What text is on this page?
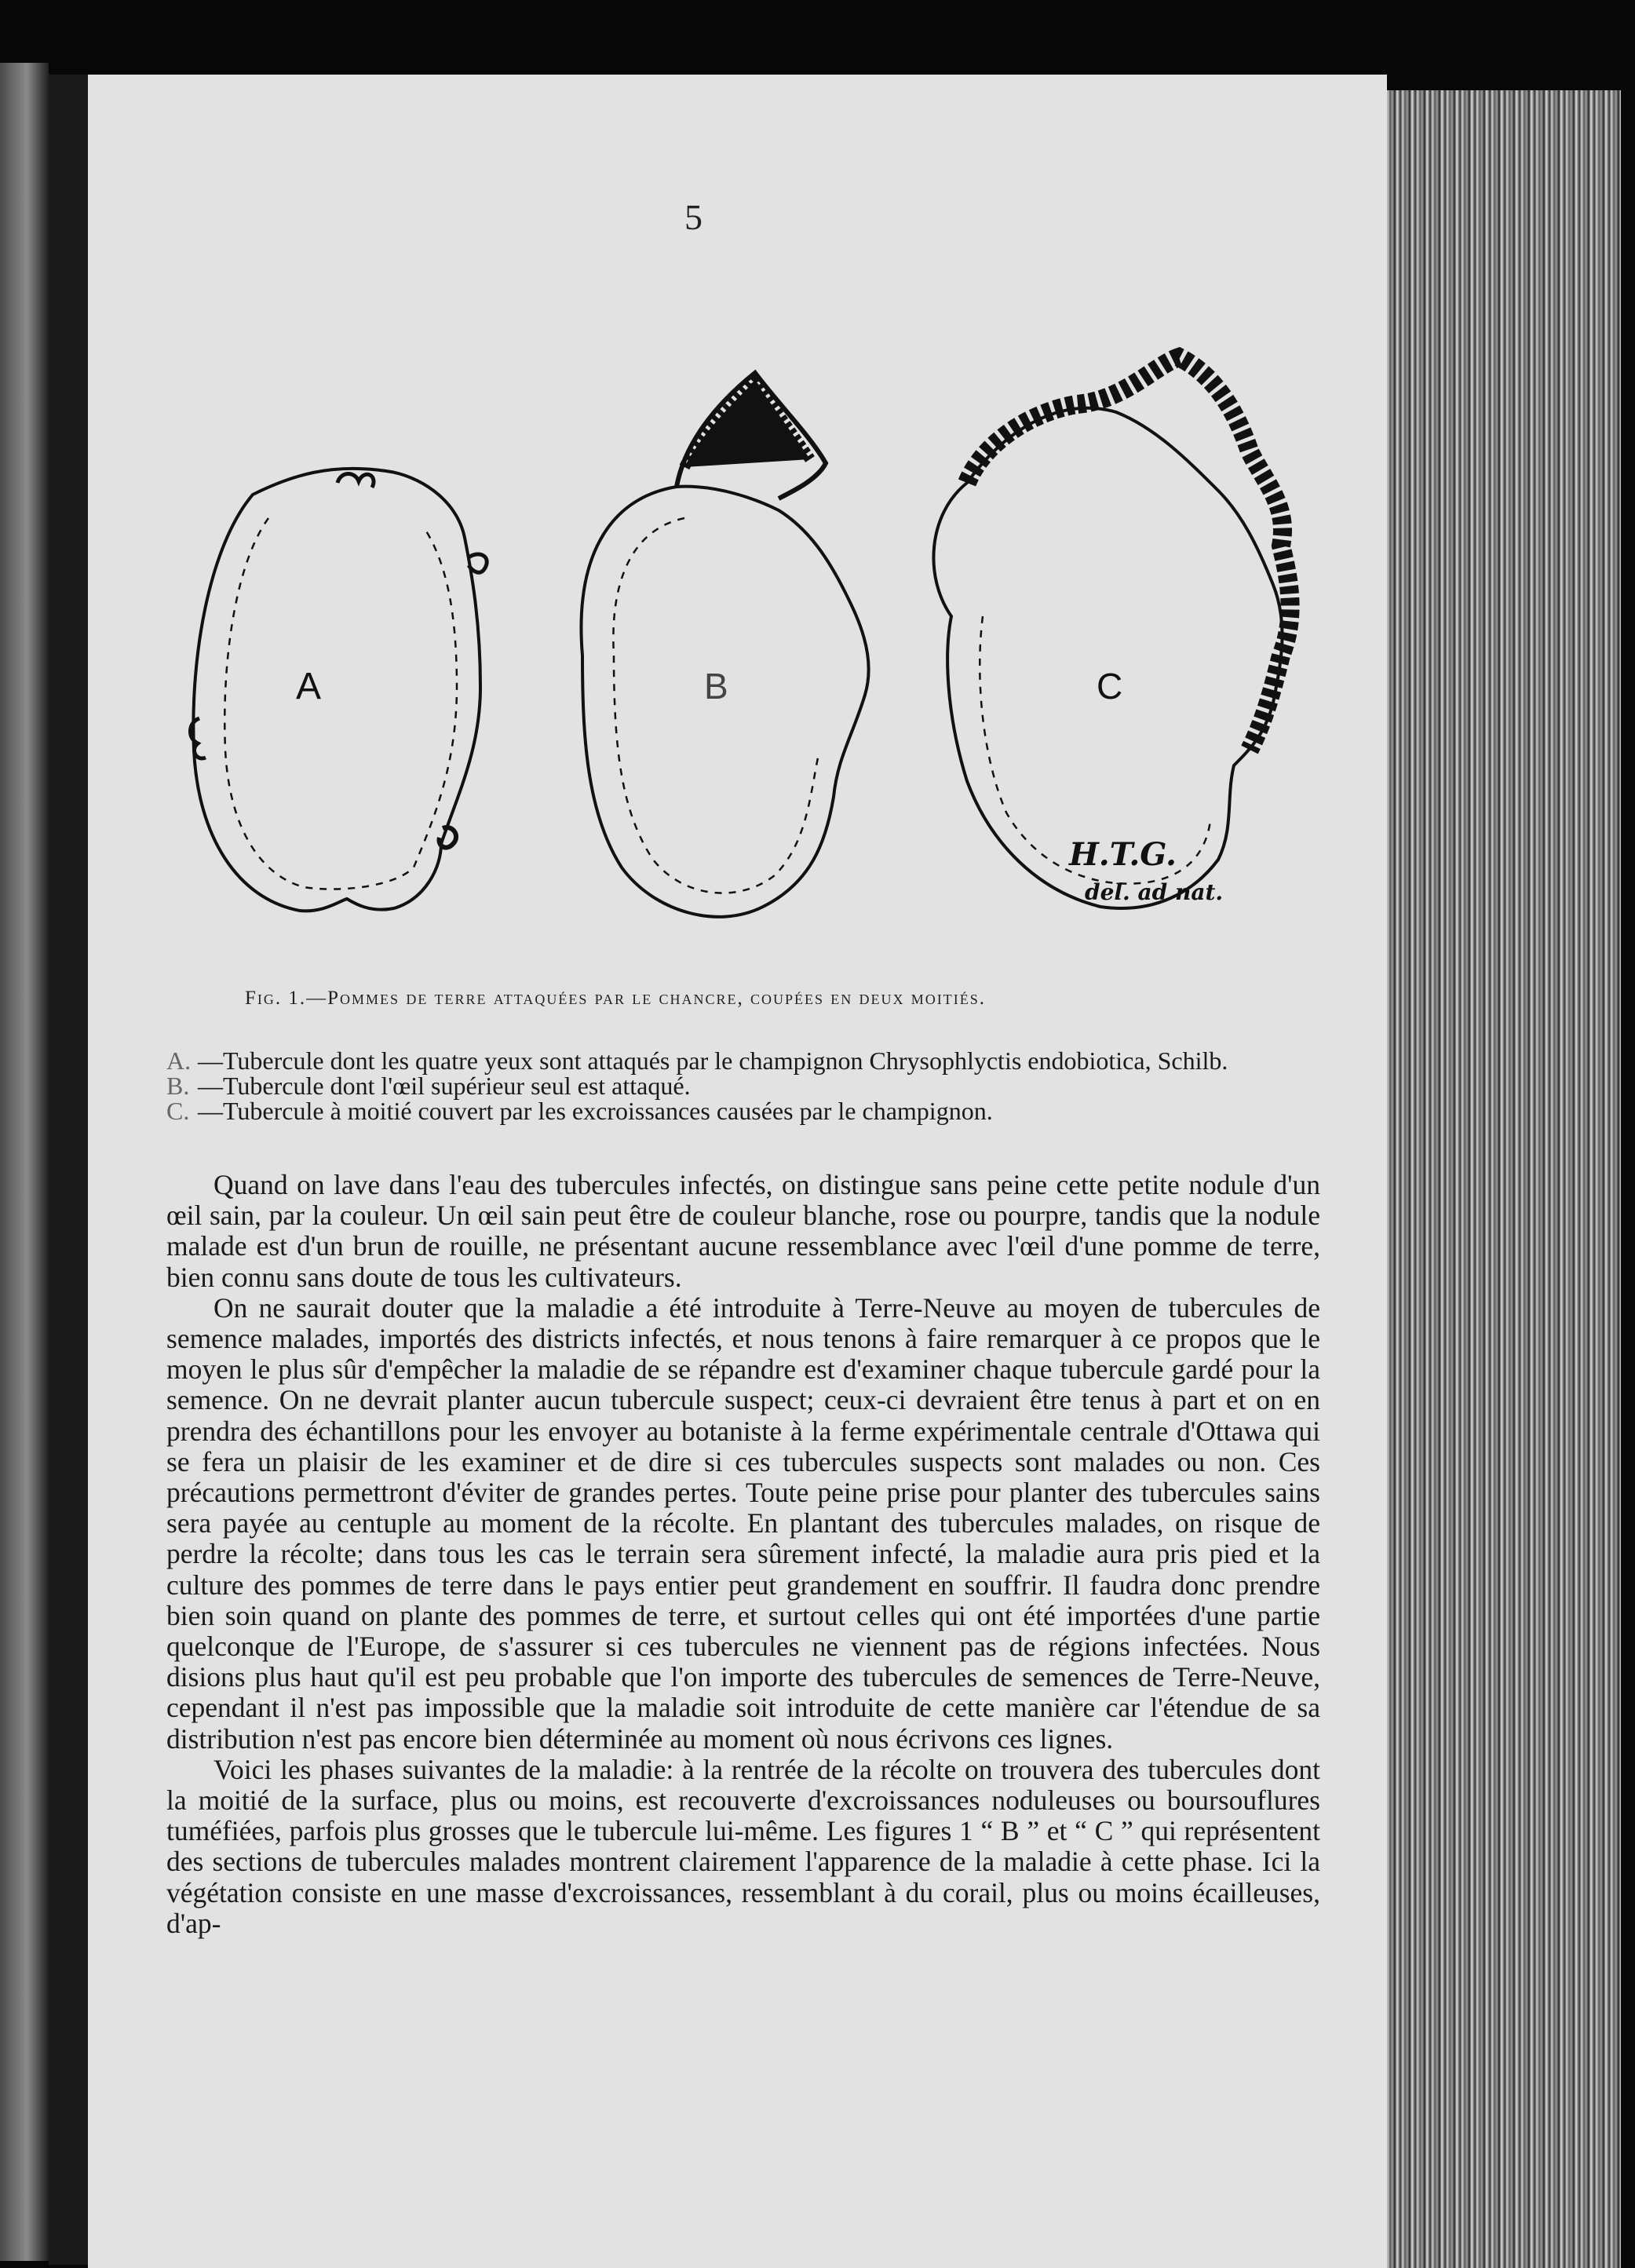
5
A	B	C
H.T.G.
del. ad nat.
Fig. 1.—Pommes de terre attaquées par le chancre, coupées en deux moitiés.
A. —Tubercule dont les quatre yeux sont attaqués par le champignon Chrysophlyctis endobiotica, Schilb.
B. —Tubercule dont l'œil supérieur seul est attaqué.
C. —Tubercule à moitié couvert par les excroissances causées par le champignon.

Quand on lave dans l'eau des tubercules infectés, on distingue sans peine cette petite nodule d'un œil sain, par la couleur. Un œil sain peut être de couleur blanche, rose ou pourpre, tandis que la nodule malade est d'un brun de rouille, ne présentant aucune ressemblance avec l'œil d'une pomme de terre, bien connu sans doute de tous les cultivateurs.

On ne saurait douter que la maladie a été introduite à Terre-Neuve au moyen de tubercules de semence malades, importés des districts infectés, et nous tenons à faire remarquer à ce propos que le moyen le plus sûr d'empêcher la maladie de se répandre est d'examiner chaque tubercule gardé pour la semence. On ne devrait planter aucun tubercule suspect; ceux-ci devraient être tenus à part et on en prendra des échantillons pour les envoyer au botaniste à la ferme expérimentale centrale d'Ottawa qui se fera un plaisir de les examiner et de dire si ces tubercules suspects sont malades ou non. Ces précautions permettront d'éviter de grandes pertes. Toute peine prise pour planter des tubercules sains sera payée au centuple au moment de la récolte. En plantant des tubercules malades, on risque de perdre la récolte; dans tous les cas le terrain sera sûrement infecté, la maladie aura pris pied et la culture des pommes de terre dans le pays entier peut grandement en souffrir. Il faudra donc prendre bien soin quand on plante des pommes de terre, et surtout celles qui ont été importées d'une partie quelconque de l'Europe, de s'assurer si ces tubercules ne viennent pas de régions infectées. Nous disions plus haut qu'il est peu probable que l'on importe des tubercules de semences de Terre-Neuve, cependant il n'est pas impossible que la maladie soit introduite de cette manière car l'étendue de sa distribution n'est pas encore bien déterminée au moment où nous écrivons ces lignes.

Voici les phases suivantes de la maladie: à la rentrée de la récolte on trouvera des tubercules dont la moitié de la surface, plus ou moins, est recouverte d'excroissances noduleuses ou boursouflures tuméfiées, parfois plus grosses que le tubercule lui-même. Les figures 1 “ B ” et “ C ” qui représentent des sections de tubercules malades montrent clairement l'apparence de la maladie à cette phase. Ici la végétation consiste en une masse d'excroissances, ressemblant à du corail, plus ou moins écailleuses, d'ap-
